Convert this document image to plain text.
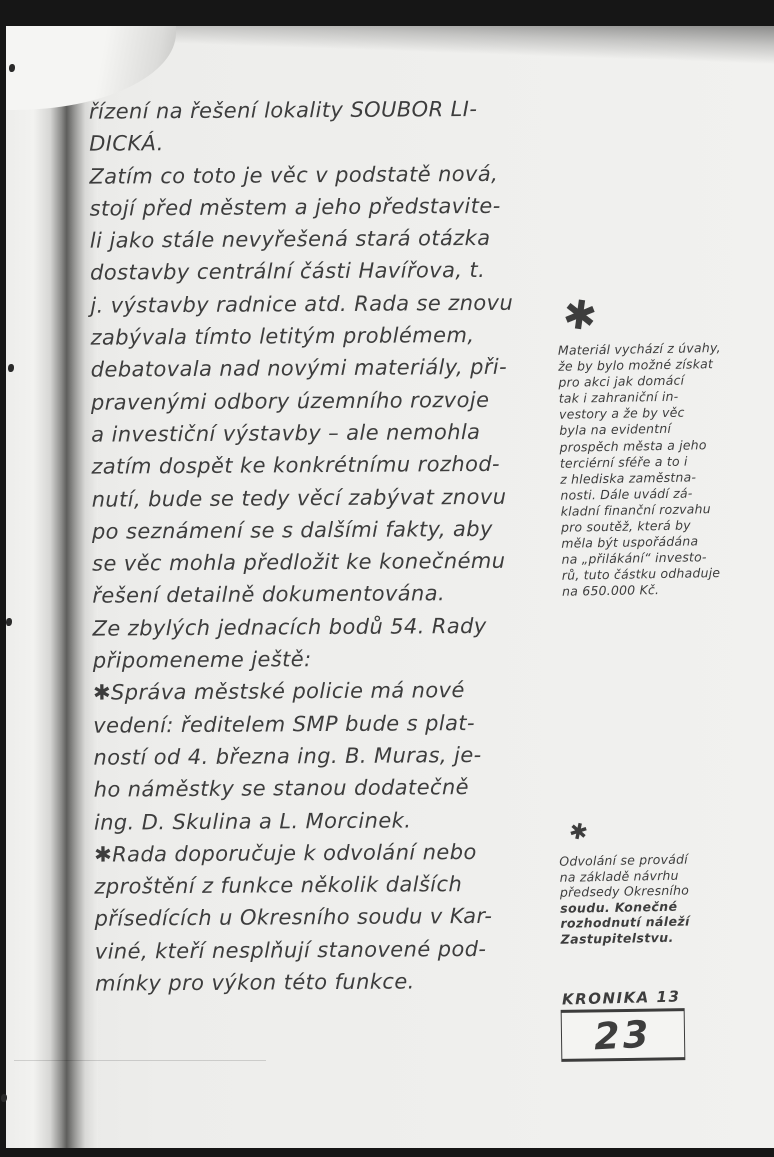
řízení na řešení lokality SOUBOR LI-
DICKÁ.
Zatím co toto je věc v podstatě nová,
stojí před městem a jeho představite-
li jako stále nevyřešená stará otázka
dostavby centrální části Havířova, t.
j. výstavby radnice atd. Rada se znovu
zabývala tímto letitým problémem,
debatovala nad novými materiály, při-
pravenými odbory územního rozvoje
a investiční výstavby – ale nemohla
zatím dospět ke konkrétnímu rozhod-
nutí, bude se tedy věcí zabývat znovu
po seznámení se s dalšími fakty, aby
se věc mohla předložit ke konečnému
řešení detailně dokumentována.
Ze zbylých jednacích bodů 54. Rady
připomeneme ještě:
✱Správa městské policie má nové
vedení: ředitelem SMP bude s plat-
ností od 4. března ing. B. Muras, je-
ho náměstky se stanou dodatečně
ing. D. Skulina a L. Morcinek.
✱Rada doporučuje k odvolání nebo
zproštění z funkce několik dalších
přísedících u Okresního soudu v Kar-
viné, kteří nesplňují stanovené pod-
mínky pro výkon této funkce.
✱
Materiál vychází z úvahy,
že by bylo možné získat
pro akci jak domácí
tak i zahraniční in-
vestory a že by věc
byla na evidentní
prospěch města a jeho
terciérní sféře a to i
z hlediska zaměstna-
nosti. Dále uvádí zá-
kladní finanční rozvahu
pro soutěž, která by
měla být uspořádána
na „přilákání“ investo-
rů, tuto částku odhaduje
na 650.000 Kč.
✱
Odvolání se provádí
na základě návrhu
předsedy Okresního
soudu. Konečné
rozhodnutí náleží
Zastupitelstvu.
KRONIKA 13
23
